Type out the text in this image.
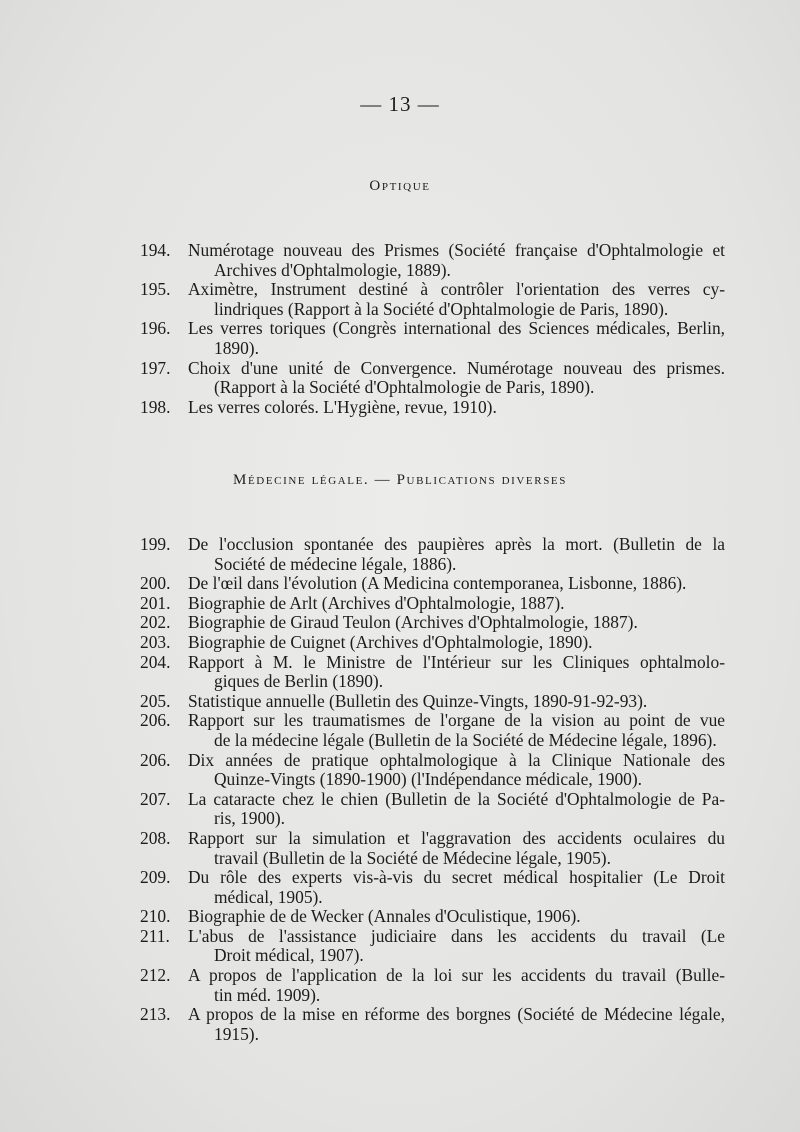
— 13 —
Optique
194.	Numérotage nouveau des Prismes (Société française d'Ophtalmologie et
Archives d'Ophtalmologie, 1889).
195.	Aximètre, Instrument destiné à contrôler l'orientation des verres cy-
lindriques (Rapport à la Société d'Ophtalmologie de Paris, 1890).
196.	Les verres toriques (Congrès international des Sciences médicales, Berlin,
1890).
197.	Choix d'une unité de Convergence. Numérotage nouveau des prismes.
(Rapport à la Société d'Ophtalmologie de Paris, 1890).
198.	Les verres colorés. L'Hygiène, revue, 1910).
Médecine légale. — Publications diverses
199.	De l'occlusion spontanée des paupières après la mort. (Bulletin de la
Société de médecine légale, 1886).
200.	De l'œil dans l'évolution (A Medicina contemporanea, Lisbonne, 1886).
201.	Biographie de Arlt (Archives d'Ophtalmologie, 1887).
202.	Biographie de Giraud Teulon (Archives d'Ophtalmologie, 1887).
203.	Biographie de Cuignet (Archives d'Ophtalmologie, 1890).
204.	Rapport à M. le Ministre de l'Intérieur sur les Cliniques ophtalmolo-
giques de Berlin (1890).
205.	Statistique annuelle (Bulletin des Quinze-Vingts, 1890-91-92-93).
206.	Rapport sur les traumatismes de l'organe de la vision au point de vue
de la médecine légale (Bulletin de la Société de Médecine légale, 1896).
206.	Dix années de pratique ophtalmologique à la Clinique Nationale des
Quinze-Vingts (1890-1900) (l'Indépendance médicale, 1900).
207.	La cataracte chez le chien (Bulletin de la Société d'Ophtalmologie de Pa-
ris, 1900).
208.	Rapport sur la simulation et l'aggravation des accidents oculaires du
travail (Bulletin de la Société de Médecine légale, 1905).
209.	Du rôle des experts vis-à-vis du secret médical hospitalier (Le Droit
médical, 1905).
210.	Biographie de de Wecker (Annales d'Oculistique, 1906).
211.	L'abus de l'assistance judiciaire dans les accidents du travail (Le
Droit médical, 1907).
212.	A propos de l'application de la loi sur les accidents du travail (Bulle-
tin méd. 1909).
213.	A propos de la mise en réforme des borgnes (Société de Médecine légale,
1915).
